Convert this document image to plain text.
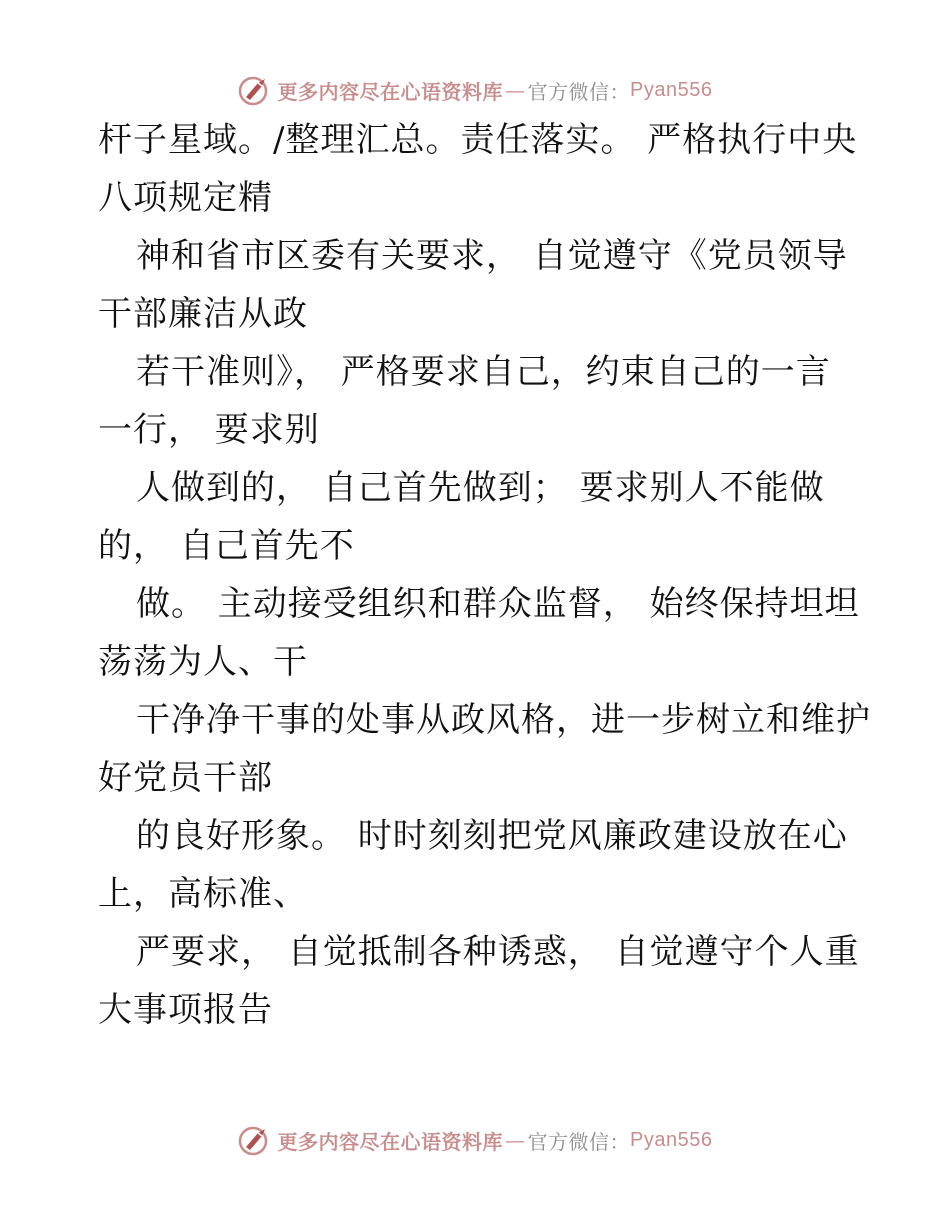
更多内容尽在心语资料库 — 官方微信： Pyan556
杆子星域。/整理汇总。责任落实。 严格执行中央
八项规定精
神和省市区委有关要求， 自觉遵守《党员领导
干部廉洁从政
若干准则》， 严格要求自己，约束自己的一言
一行， 要求别
人做到的， 自己首先做到； 要求别人不能做
的， 自己首先不
做。 主动接受组织和群众监督， 始终保持坦坦
荡荡为人、干
干净净干事的处事从政风格，进一步树立和维护
好党员干部
的良好形象。 时时刻刻把党风廉政建设放在心
上，高标准、
严要求， 自觉抵制各种诱惑， 自觉遵守个人重
大事项报告
更多内容尽在心语资料库 — 官方微信： Pyan556
